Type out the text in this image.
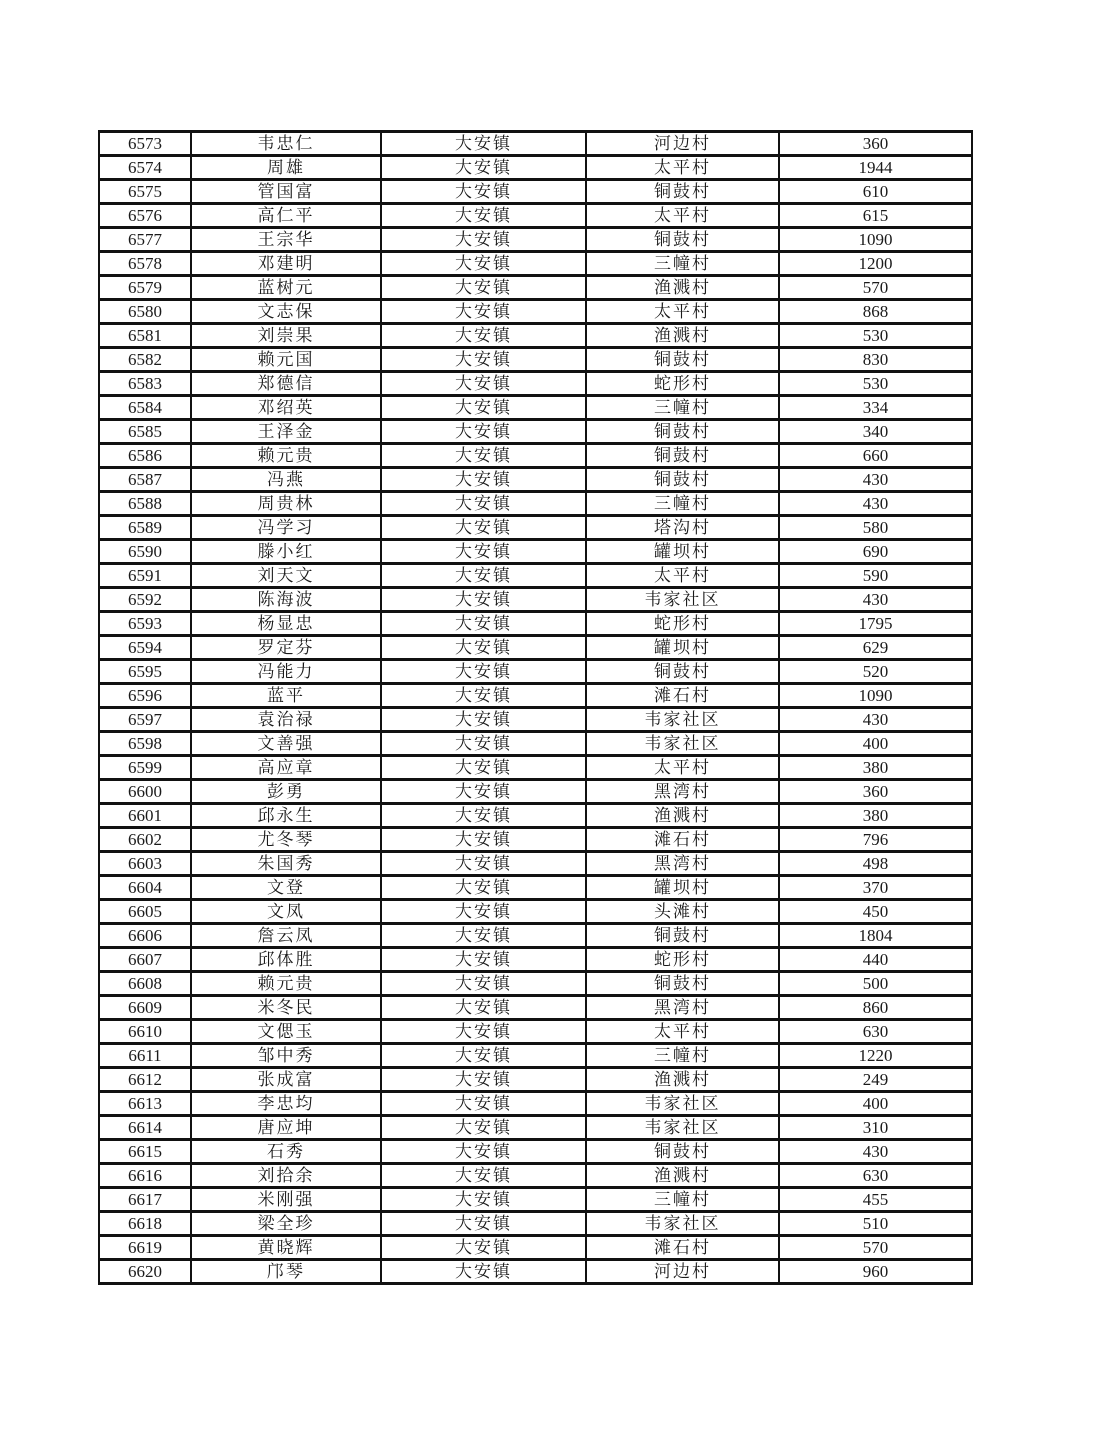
6573	韦忠仁	大安镇	河边村	360
6574	周雄	大安镇	太平村	1944
6575	管国富	大安镇	铜鼓村	610
6576	高仁平	大安镇	太平村	615
6577	王宗华	大安镇	铜鼓村	1090
6578	邓建明	大安镇	三幢村	1200
6579	蓝树元	大安镇	渔溅村	570
6580	文志保	大安镇	太平村	868
6581	刘崇果	大安镇	渔溅村	530
6582	赖元国	大安镇	铜鼓村	830
6583	郑德信	大安镇	蛇形村	530
6584	邓绍英	大安镇	三幢村	334
6585	王泽金	大安镇	铜鼓村	340
6586	赖元贵	大安镇	铜鼓村	660
6587	冯燕	大安镇	铜鼓村	430
6588	周贵林	大安镇	三幢村	430
6589	冯学习	大安镇	塔沟村	580
6590	滕小红	大安镇	罐坝村	690
6591	刘天文	大安镇	太平村	590
6592	陈海波	大安镇	韦家社区	430
6593	杨显忠	大安镇	蛇形村	1795
6594	罗定芬	大安镇	罐坝村	629
6595	冯能力	大安镇	铜鼓村	520
6596	蓝平	大安镇	滩石村	1090
6597	袁治禄	大安镇	韦家社区	430
6598	文善强	大安镇	韦家社区	400
6599	高应章	大安镇	太平村	380
6600	彭勇	大安镇	黑湾村	360
6601	邱永生	大安镇	渔溅村	380
6602	尤冬琴	大安镇	滩石村	796
6603	朱国秀	大安镇	黑湾村	498
6604	文登	大安镇	罐坝村	370
6605	文凤	大安镇	头滩村	450
6606	詹云凤	大安镇	铜鼓村	1804
6607	邱体胜	大安镇	蛇形村	440
6608	赖元贵	大安镇	铜鼓村	500
6609	米冬民	大安镇	黑湾村	860
6610	文偲玉	大安镇	太平村	630
6611	邹中秀	大安镇	三幢村	1220
6612	张成富	大安镇	渔溅村	249
6613	李忠均	大安镇	韦家社区	400
6614	唐应坤	大安镇	韦家社区	310
6615	石秀	大安镇	铜鼓村	430
6616	刘拾余	大安镇	渔溅村	630
6617	米刚强	大安镇	三幢村	455
6618	梁全珍	大安镇	韦家社区	510
6619	黄晓辉	大安镇	滩石村	570
6620	邝琴	大安镇	河边村	960
